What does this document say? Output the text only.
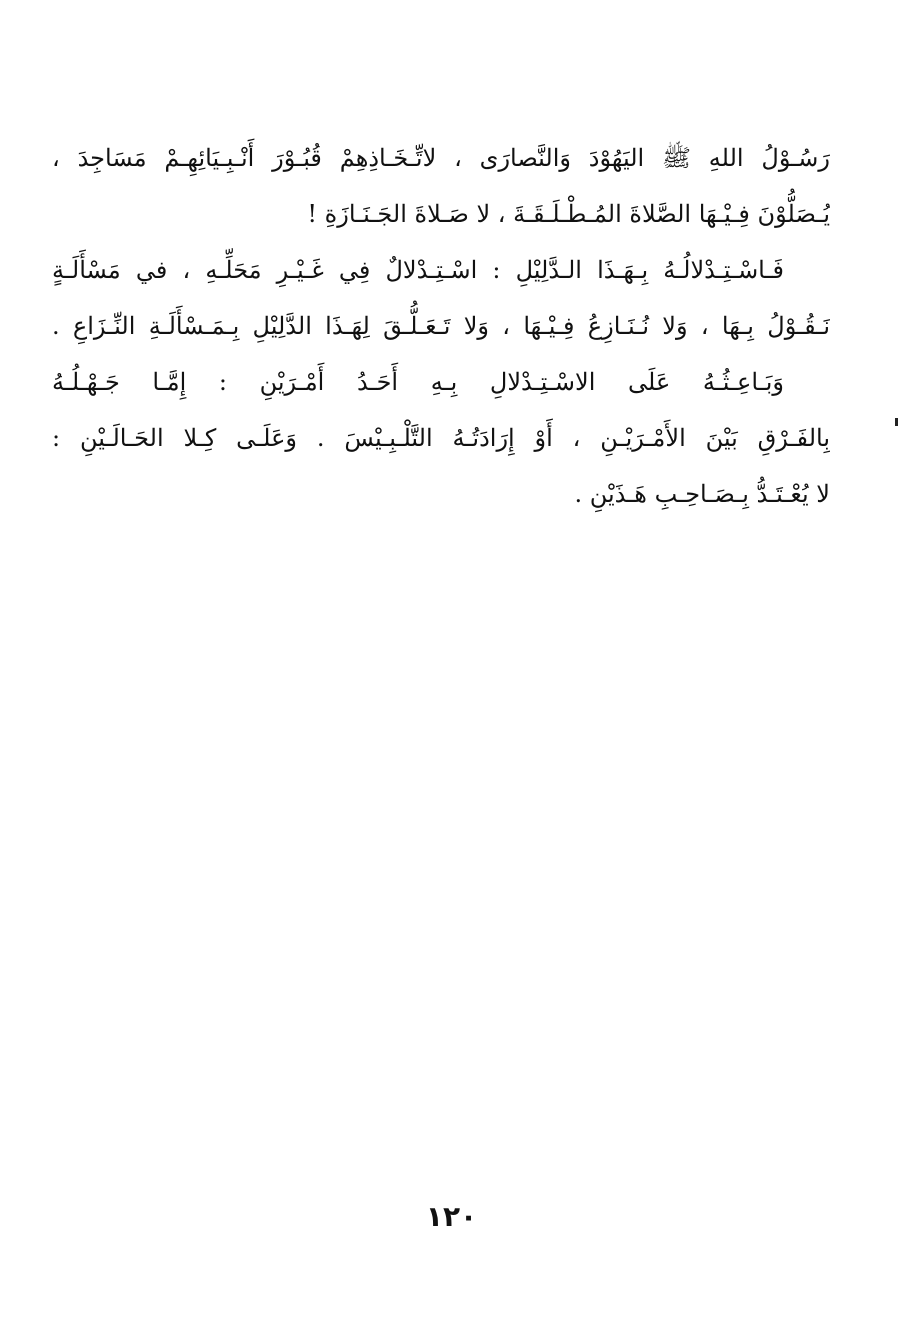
رَسُـوْلُ اللهِ ﷺ اليَهُوْدَ وَالنَّصارَى ، لاتِّـخَـاذِهِمْ قُبُـوْرَ أَنْـبِـيَائِهِـمْ مَسَاجِدَ ،
يُـصَلُّوْنَ فِـيْـهَا الصَّلاةَ المُـطْـلَـقَـةَ ، لا صَـلاةَ الجَـنَـازَةِ !
فَـاسْـتِـدْلالُـهُ بِـهَـذَا الـدَّلِيْلِ : اسْـتِـدْلالٌ فِي غَـيْـرِ مَحَلِّـهِ ، في مَسْأَلَـةٍ
نَـقُـوْلُ بِـهَا ، وَلا نُـنَـازِعُ فِـيْـهَا ، وَلا تَـعَـلُّـقَ لِهَـذَا الدَّلِيْلِ بِـمَـسْأَلَـةِ النِّـزَاعِ .
وَبَـاعِـثُـهُ عَلَى الاسْـتِـدْلالِ بِـهِ أَحَـدُ أَمْـرَيْنِ : إِمَّـا جَـهْـلُـهُ
بِالفَـرْقِ بَيْنَ الأَمْـرَيْـنِ ، أَوْ إِرَادَتُـهُ التَّلْـبِـيْسَ . وَعَلَـى كِـلا الحَـالَـيْنِ :
لا يُعْـتَـدُّ بِـصَـاحِـبِ هَـذَيْنِ .
١٢٠
